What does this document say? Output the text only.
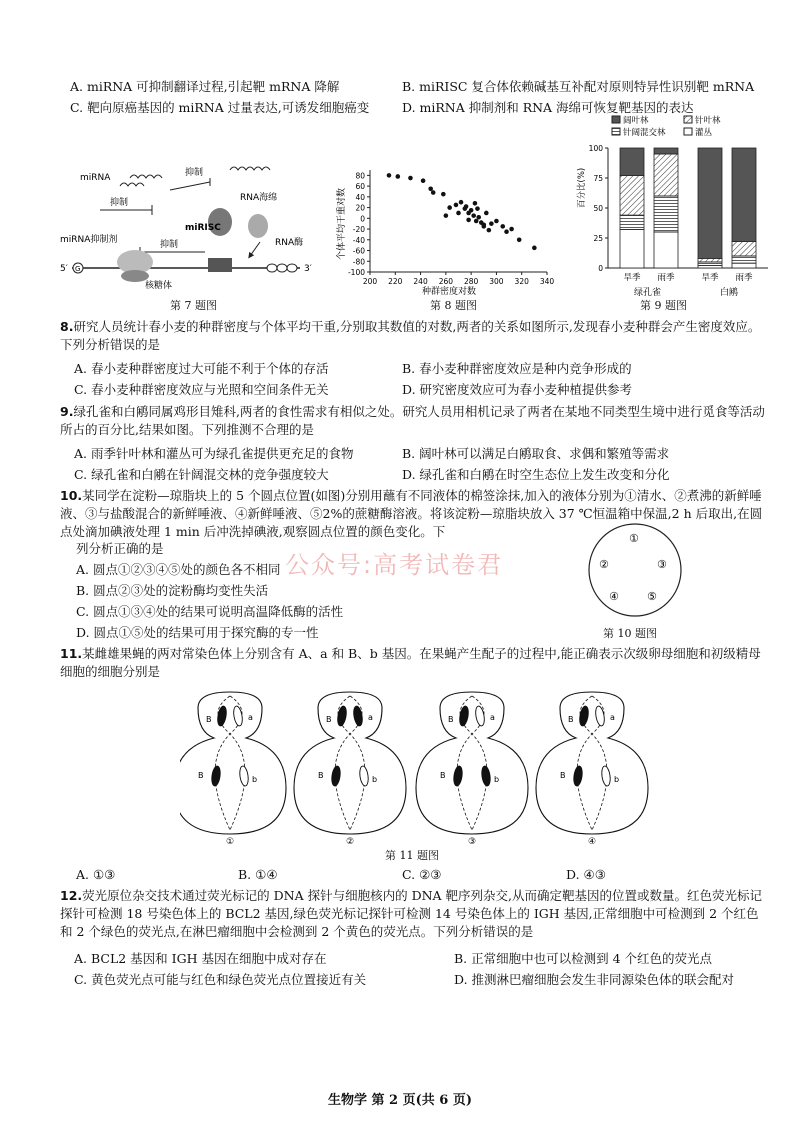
A. miRNA 可抑制翻译过程,引起靶 mRNA 降解	B. miRISC 复合体依赖碱基互补配对原则特异性识别靶 mRNA
C. 靶向原癌基因的 miRNA 过量表达,可诱发细胞癌变	D. miRNA 抑制剂和 RNA 海绵可恢复靶基因的表达
G
miRNA	抑制
抑制
抑制
miRISC
RNA海绵
miRNA抑制剂	RNA酶
核糖体
5′	3′
第 7 题图
80
60
40
20
0
-20
-40
-60
-80
-100
200 220 240 260 280 300 320 340
个体平均干重对数
种群密度对数
第 8 题图
阔叶林	针叶林
针阔混交林	灌丛
100
75
50
25
0
旱季 雨季	旱季 雨季
百分比(%)
绿孔雀	白鹇
第 9 题图
8.研究人员统计春小麦的种群密度与个体平均干重,分别取其数值的对数,两者的关系如图所示,发现春小麦种群会产生密度效应。下列分析错误的是
A. 春小麦种群密度过大可能不利于个体的存活	B. 春小麦种群密度效应是种内竞争形成的
C. 春小麦种群密度效应与光照和空间条件无关	D. 研究密度效应可为春小麦种植提供参考
9.绿孔雀和白鹇同属鸡形目雉科,两者的食性需求有相似之处。研究人员用相机记录了两者在某地不同类型生境中进行觅食等活动所占的百分比,结果如图。下列推测不合理的是
A. 雨季针叶林和灌丛可为绿孔雀提供更充足的食物	B. 阔叶林可以满足白鹇取食、求偶和繁殖等需求
C. 绿孔雀和白鹇在针阔混交林的竞争强度较大	D. 绿孔雀和白鹇在时空生态位上发生改变和分化
10.某同学在淀粉—琼脂块上的 5 个圆点位置(如图)分别用蘸有不同液体的棉签涂抹,加入的液体分别为①清水、②煮沸的新鲜唾液、③与盐酸混合的新鲜唾液、④新鲜唾液、⑤2%的蔗糖酶溶液。将该淀粉—琼脂块放入 37 ℃恒温箱中保温,2 h 后取出,在圆点处滴加碘液处理 1 min 后冲洗掉碘液,观察圆点位置的颜色变化。下
列分析正确的是
A. 圆点①②③④⑤处的颜色各不相同
B. 圆点②③处的淀粉酶均变性失活
C. 圆点①③④处的结果可说明高温降低酶的活性
D. 圆点①⑤处的结果可用于探究酶的专一性
公众号:高考试卷君
①
②	③
④	⑤
第 10 题图
11.某雌雄果蝇的两对常染色体上分别含有 A、a 和 B、b 基因。在果蝇产生配子的过程中,能正确表示次级卵母细胞和初级精母细胞的细胞分别是
B	a
B	b
①
B	a
B	b
②
B	a
B	b
③
B	a
B	b
④
第 11 题图
A. ①③	B. ①④	C. ②③	D. ④③
12.荧光原位杂交技术通过荧光标记的 DNA 探针与细胞核内的 DNA 靶序列杂交,从而确定靶基因的位置或数量。红色荧光标记探针可检测 18 号染色体上的 BCL2 基因,绿色荧光标记探针可检测 14 号染色体上的 IGH 基因,正常细胞中可检测到 2 个红色和 2 个绿色的荧光点,在淋巴瘤细胞中会检测到 2 个黄色的荧光点。下列分析错误的是
A. BCL2 基因和 IGH 基因在细胞中成对存在	B. 正常细胞中也可以检测到 4 个红色的荧光点
C. 黄色荧光点可能与红色和绿色荧光点位置接近有关	D. 推测淋巴瘤细胞会发生非同源染色体的联会配对
生物学 第 2 页(共 6 页)
